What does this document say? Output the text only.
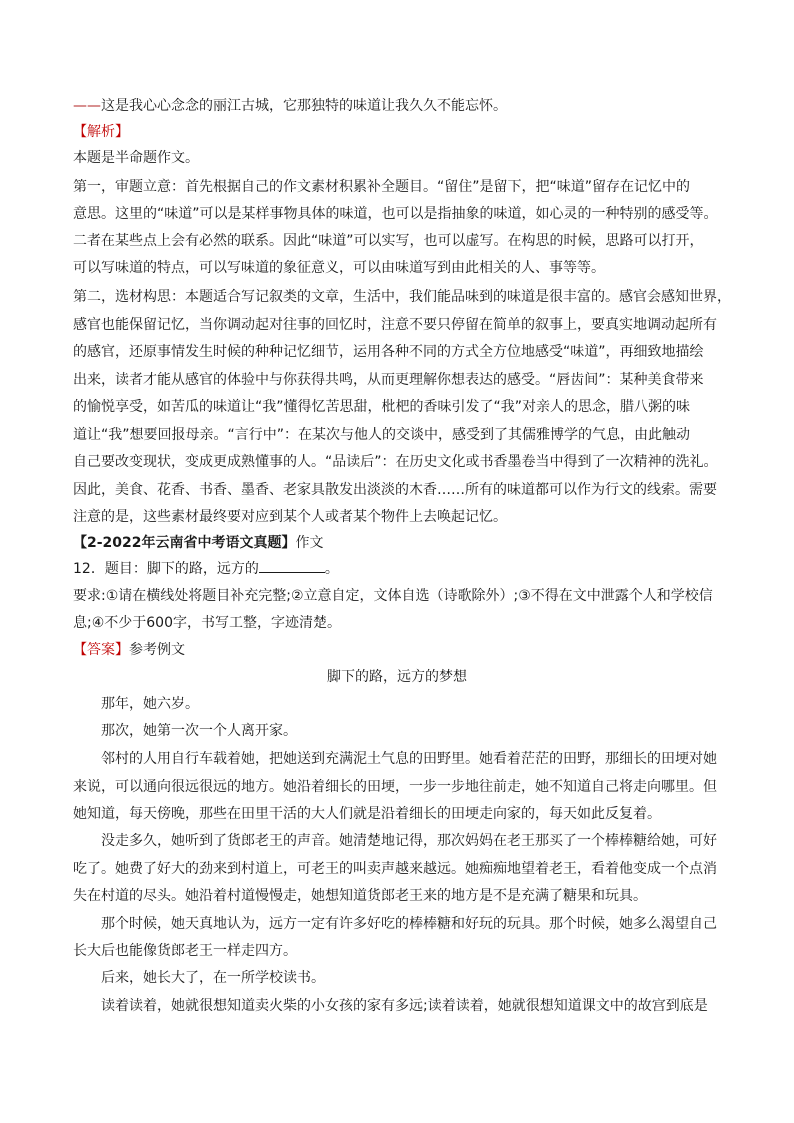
——这是我心心念念的丽江古城，它那独特的味道让我久久不能忘怀。
【解析】
本题是半命题作文。
第一，审题立意：首先根据自己的作文素材积累补全题目。“留住”是留下，把“味道”留存在记忆中的
意思。这里的“味道”可以是某样事物具体的味道，也可以是指抽象的味道，如心灵的一种特别的感受等。
二者在某些点上会有必然的联系。因此“味道”可以实写，也可以虚写。在构思的时候，思路可以打开，
可以写味道的特点，可以写味道的象征意义，可以由味道写到由此相关的人、事等等。
第二，选材构思：本题适合写记叙类的文章，生活中，我们能品味到的味道是很丰富的。感官会感知世界，
感官也能保留记忆，当你调动起对往事的回忆时，注意不要只停留在简单的叙事上，要真实地调动起所有
的感官，还原事情发生时候的种种记忆细节，运用各种不同的方式全方位地感受“味道”，再细致地描绘
出来，读者才能从感官的体验中与你获得共鸣，从而更理解你想表达的感受。“唇齿间”：某种美食带来
的愉悦享受，如苦瓜的味道让“我”懂得忆苦思甜，枇杷的香味引发了“我”对亲人的思念，腊八粥的味
道让“我”想要回报母亲。“言行中”：在某次与他人的交谈中，感受到了其儒雅博学的气息，由此触动
自己要改变现状，变成更成熟懂事的人。“品读后”：在历史文化或书香墨卷当中得到了一次精神的洗礼。
因此，美食、花香、书香、墨香、老家具散发出淡淡的木香……所有的味道都可以作为行文的线索。需要
注意的是，这些素材最终要对应到某个人或者某个物件上去唤起记忆。
【2-2022年云南省中考语文真题】作文
12．题目：脚下的路，远方的	。
要求:①请在横线处将题目补充完整;②立意自定，文体自选（诗歌除外）;③不得在文中泄露个人和学校信
息;④不少于600字，书写工整，字迹清楚。
【答案】参考例文
脚下的路，远方的梦想
那年，她六岁。
那次，她第一次一个人离开家。
邻村的人用自行车载着她，把她送到充满泥土气息的田野里。她看着茫茫的田野，那细长的田埂对她
来说，可以通向很远很远的地方。她沿着细长的田埂，一步一步地往前走，她不知道自己将走向哪里。但
她知道，每天傍晚，那些在田里干活的大人们就是沿着细长的田埂走向家的，每天如此反复着。
没走多久，她听到了货郎老王的声音。她清楚地记得，那次妈妈在老王那买了一个棒棒糖给她，可好
吃了。她费了好大的劲来到村道上，可老王的叫卖声越来越远。她痴痴地望着老王，看着他变成一个点消
失在村道的尽头。她沿着村道慢慢走，她想知道货郎老王来的地方是不是充满了糖果和玩具。
那个时候，她天真地认为，远方一定有许多好吃的棒棒糖和好玩的玩具。那个时候，她多么渴望自己
长大后也能像货郎老王一样走四方。
后来，她长大了，在一所学校读书。
读着读着，她就很想知道卖火柴的小女孩的家有多远;读着读着，她就很想知道课文中的故宫到底是
